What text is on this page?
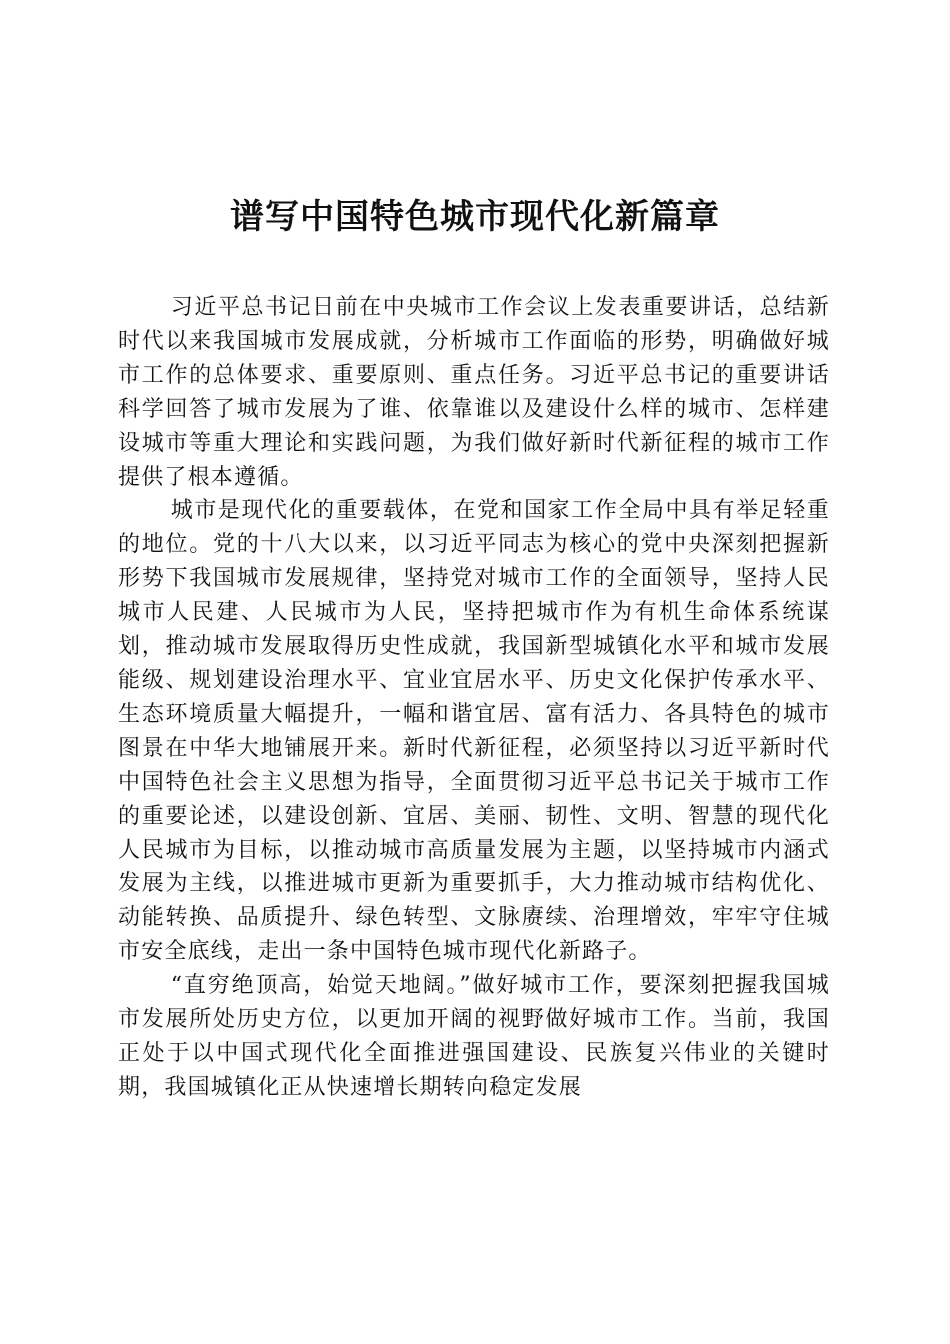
谱写中国特色城市现代化新篇章

习近平总书记日前在中央城市工作会议上发表重要讲话，总结新时代以来我国城市发展成就，分析城市工作面临的形势，明确做好城市工作的总体要求、重要原则、重点任务。习近平总书记的重要讲话科学回答了城市发展为了谁、依靠谁以及建设什么样的城市、怎样建设城市等重大理论和实践问题，为我们做好新时代新征程的城市工作提供了根本遵循。

城市是现代化的重要载体，在党和国家工作全局中具有举足轻重的地位。党的十八大以来，以习近平同志为核心的党中央深刻把握新形势下我国城市发展规律，坚持党对城市工作的全面领导，坚持人民城市人民建、人民城市为人民，坚持把城市作为有机生命体系统谋划，推动城市发展取得历史性成就，我国新型城镇化水平和城市发展能级、规划建设治理水平、宜业宜居水平、历史文化保护传承水平、生态环境质量大幅提升，一幅和谐宜居、富有活力、各具特色的城市图景在中华大地铺展开来。新时代新征程，必须坚持以习近平新时代中国特色社会主义思想为指导，全面贯彻习近平总书记关于城市工作的重要论述，以建设创新、宜居、美丽、韧性、文明、智慧的现代化人民城市为目标，以推动城市高质量发展为主题，以坚持城市内涵式发展为主线，以推进城市更新为重要抓手，大力推动城市结构优化、动能转换、品质提升、绿色转型、文脉赓续、治理增效，牢牢守住城市安全底线，走出一条中国特色城市现代化新路子。

“直穷绝顶高，始觉天地阔。”做好城市工作，要深刻把握我国城市发展所处历史方位，以更加开阔的视野做好城市工作。当前，我国正处于以中国式现代化全面推进强国建设、民族复兴伟业的关键时期，我国城镇化正从快速增长期转向稳定发展
